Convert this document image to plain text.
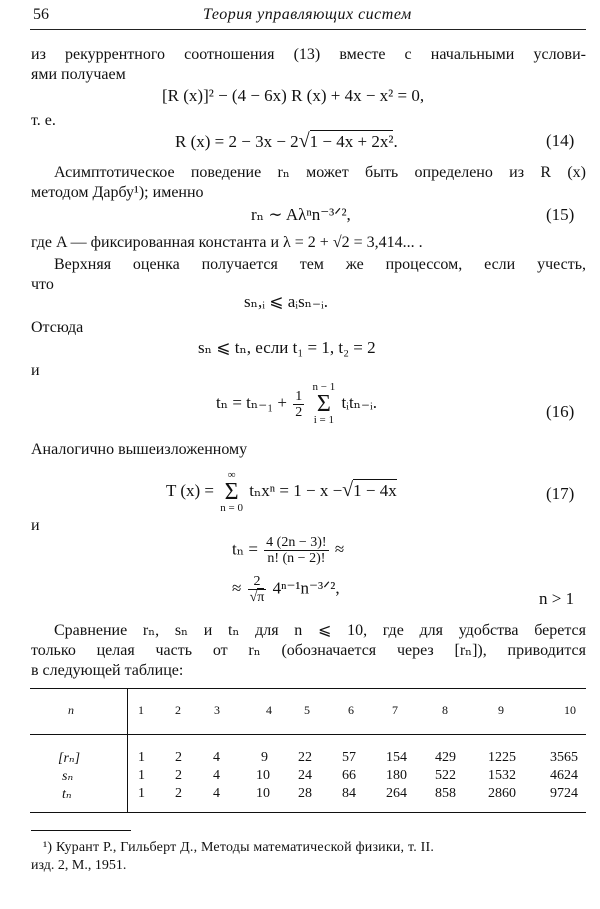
56	Теория управляющих систем
из рекуррентного соотношения (13) вместе с начальными услови-
ями получаем
[R (x)]² − (4 − 6x) R (x) + 4x − x² = 0,
т. е.
R (x) = 2 − 3x − 2√1 − 4x + 2x².	(14)
Асимптотическое поведение rₙ может быть определено из R (x)
методом Дарбу¹); именно
rₙ ∼ Aλⁿn⁻³ᐟ²,	(15)
где A — фиксированная константа и λ = 2 + √2 = 3,414... .
Верхняя оценка получается тем же процессом, если учесть,
что
sₙ,ᵢ ⩽ aᵢsₙ₋ᵢ.
Отсюда
sₙ ⩽ tₙ, если t₁ = 1, t₂ = 2
и
$t_n = t_{n-1} + \frac{1}{2}$

n − 1
Σ
i = 1
tᵢtₙ₋ᵢ.	(16)
Аналогично вышеизложенному
T (x) =
∞
Σ
n = 0
tₙxⁿ = 1 − x −√1 − 4x	(17)
и
$t_n = \frac{4 (2n - 3)!}{n! (n - 2)!}$ ≈
≈ $\frac{2}{√\pi}$ 4ⁿ⁻¹n⁻³ᐟ²,
n > 1
Сравнение rₙ, sₙ и tₙ для n ⩽ 10, где для удобства берется
только целая часть от rₙ (обозначается через [rₙ]), приводится
в следующей таблице:
n	1	2	3	4	5	6	7	8	9	10
[rₙ]	1 2 4	9 22 57 154 429 1225 3565
sₙ	1 2 4	10 24 66 180 522 1532 4624
tₙ	1 2 4	10 28 84 264 858 2860 9724
¹) Курант Р., Гильберт Д., Методы математической физики, т. II.
изд. 2, М., 1951.
